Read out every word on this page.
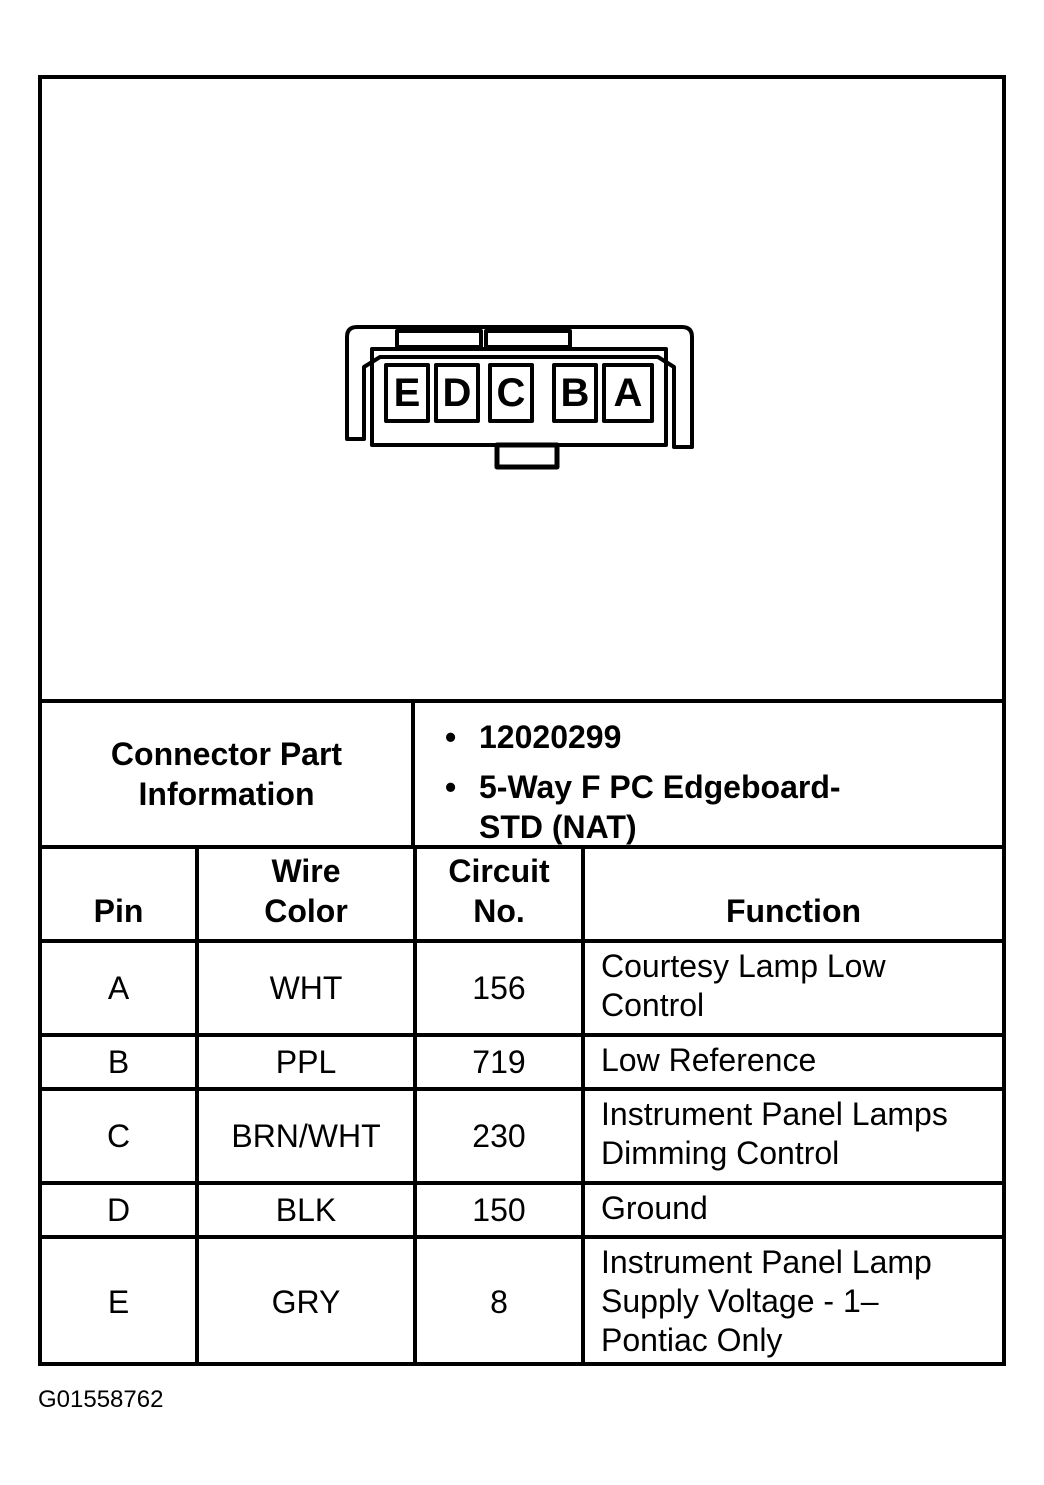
E D C B A
Connector Part Information
• 12020299
• 5-Way F PC Edgeboard-STD (NAT)
Pin	Wire Color	Circuit No.	Function
A	WHT	156	Courtesy Lamp Low Control
B	PPL	719	Low Reference
C	BRN/WHT	230	Instrument Panel Lamps Dimming Control
D	BLK	150	Ground
E	GRY	8	Instrument Panel Lamp Supply Voltage - 1– Pontiac Only
G01558762
